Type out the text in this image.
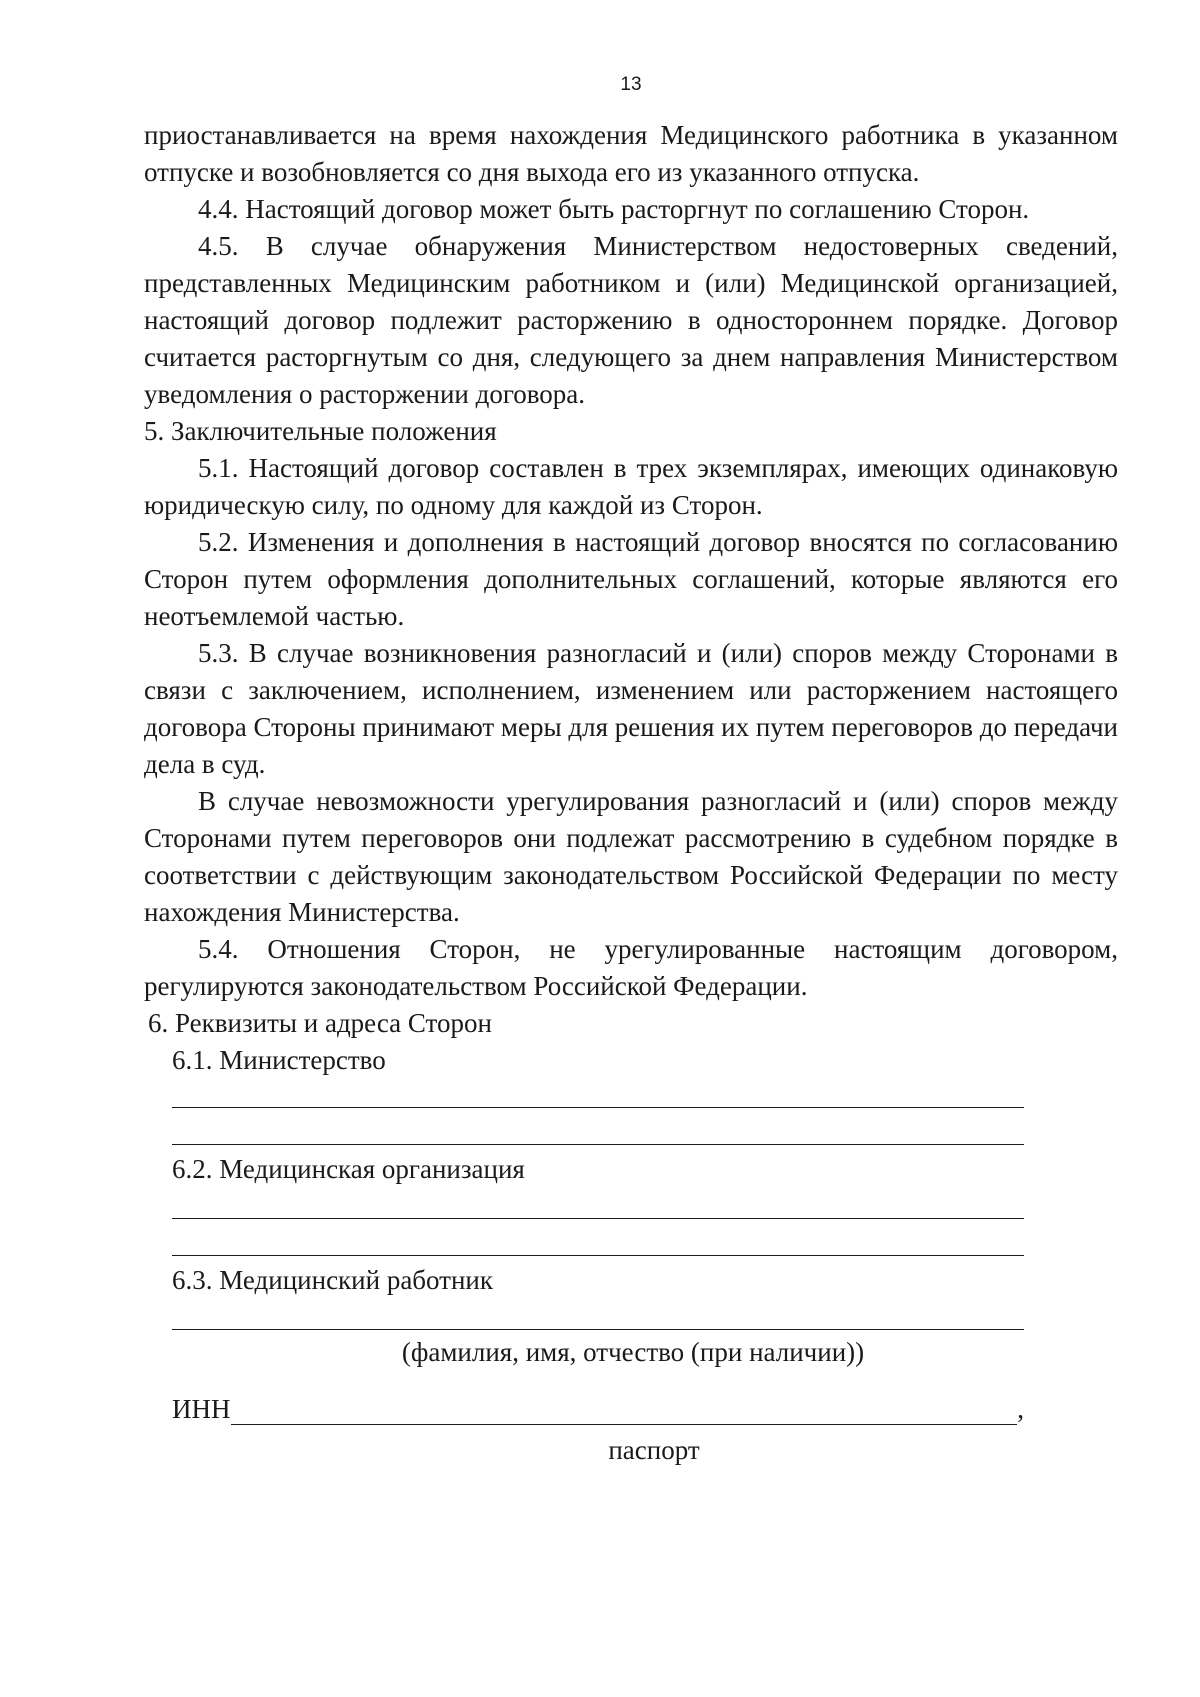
13

приостанавливается на время нахождения Медицинского работника в указанном отпуске и возобновляется со дня выхода его из указанного отпуска.

4.4. Настоящий договор может быть расторгнут по соглашению Сторон.

4.5. В случае обнаружения Министерством недостоверных сведений, представленных Медицинским работником и (или) Медицинской организацией, настоящий договор подлежит расторжению в одностороннем порядке. Договор считается расторгнутым со дня, следующего за днем направления Министерством уведомления о расторжении договора.

5. Заключительные положения

5.1. Настоящий договор составлен в трех экземплярах, имеющих одинаковую юридическую силу, по одному для каждой из Сторон.

5.2. Изменения и дополнения в настоящий договор вносятся по согласованию Сторон путем оформления дополнительных соглашений, которые являются его неотъемлемой частью.

5.3. В случае возникновения разногласий и (или) споров между Сторонами в связи с заключением, исполнением, изменением или расторжением настоящего договора Стороны принимают меры для решения их путем переговоров до передачи дела в суд.

В случае невозможности урегулирования разногласий и (или) споров между Сторонами путем переговоров они подлежат рассмотрению в судебном порядке в соответствии с действующим законодательством Российской Федерации по месту нахождения Министерства.

5.4. Отношения Сторон, не урегулированные настоящим договором, регулируются законодательством Российской Федерации.

6. Реквизиты и адреса Сторон

6.1. Министерство
6.2. Медицинская организация
6.3. Медицинский работник
(фамилия, имя, отчество (при наличии))
ИНН	,
паспорт
